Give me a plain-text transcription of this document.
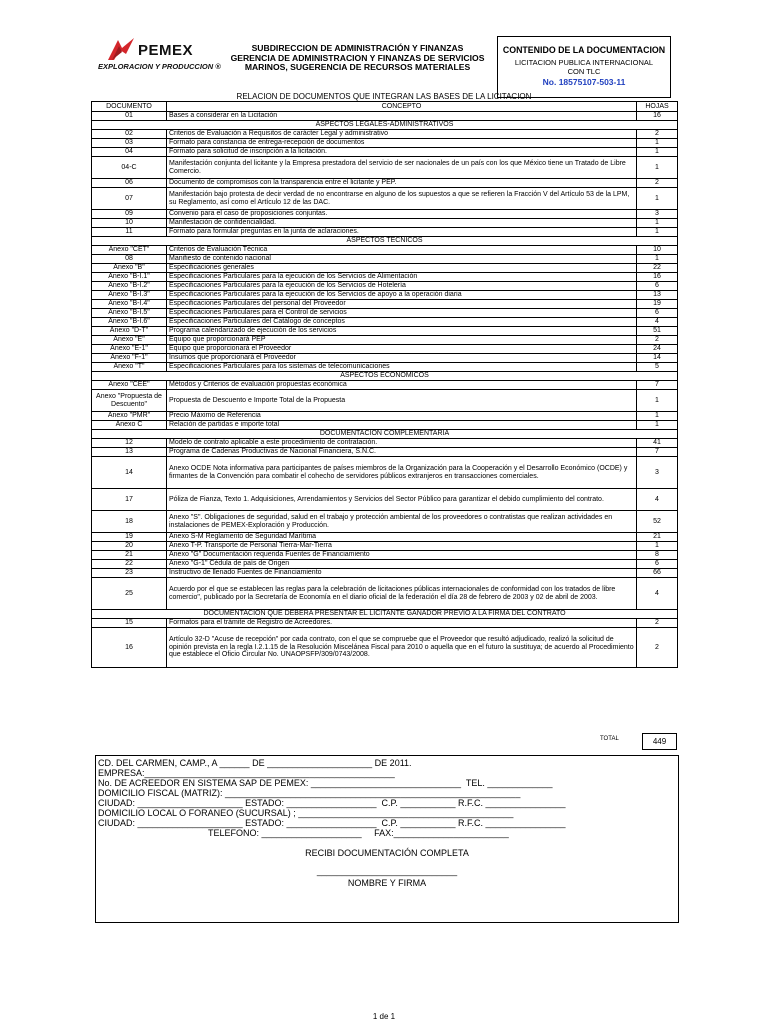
PEMEX
EXPLORACION Y PRODUCCION ®
SUBDIRECCION DE ADMINISTRACIÓN Y FINANZAS
GERENCIA DE ADMINISTRACION Y FINANZAS DE SERVICIOS
MARINOS, SUGERENCIA DE RECURSOS MATERIALES
CONTENIDO DE LA DOCUMENTACION
LICITACION PUBLICA INTERNACIONAL
CON TLC
No. 18575107-503-11
RELACION DE DOCUMENTOS QUE INTEGRAN LAS BASES DE LA LICITACION
DOCUMENTO	CONCEPTO	HOJAS
01	Bases a considerar en la Licitación	16
ASPECTOS LEGALES-ADMINISTRATIVOS		
02	Criterios de Evaluación a Requisitos de carácter Legal y administrativo	2
03	Formato para constancia de entrega-recepción de documentos	1
04	Formato para solicitud de inscripción a la licitación.	1
04-C	Manifestación conjunta del licitante y la Empresa prestadora del servicio de ser nacionales de un país con los que México tiene un Tratado de Libre Comercio.	1
06	Documento de compromisos con la transparencia entre el licitante y PEP.	2
07	Manifestación bajo protesta de decir verdad de no encontrarse en alguno de los supuestos a que se refieren la Fracción V del Artículo 53 de la LPM, su Reglamento, así como el Artículo 12 de las DAC.	1
09	Convenio para el caso de proposiciones conjuntas.	3
10	Manifestación de confidencialidad.	1
11	Formato para formular preguntas en la junta de aclaraciones.	1
ASPECTOS TECNICOS		
Anexo "CET"	Criterios de Evaluación Técnica	10
08	Manifiesto de contenido nacional	1
Anexo "B"	Especificaciones generales	22
Anexo "B-I.1"	Especificaciones Particulares para la ejecución de los Servicios de Alimentación	16
Anexo "B-I.2"	Especificaciones Particulares para la ejecución de los Servicios de Hotelería	6
Anexo "B-I.3"	Especificaciones Particulares para la ejecución de los Servicios de apoyo a la operación diaria	13
Anexo "B-I.4"	Especificaciones Particulares del personal del Proveedor	19
Anexo "B-I.5"	Especificaciones Particulares para el Control de servicios	6
Anexo "B-I.6"	Especificaciones Particulares del Catálogo de conceptos	4
Anexo "D-T"	Programa calendarizado de ejecución de los servicios	51
Anexo "E"	Equipo que proporcionará PEP	2
Anexo "E-1"	Equipo que proporcionará el Proveedor	24
Anexo "F-1"	Insumos que proporcionará el Proveedor	14
Anexo "T"	Especificaciones Particulares para los sistemas de telecomunicaciones	5
ASPECTOS ECONOMICOS		
Anexo "CEE"	Métodos y Criterios de evaluación propuestas económica	7
Anexo "Propuesta de Descuento"	Propuesta de Descuento e Importe Total de la Propuesta	1
Anexo "PMR"	Precio Máximo de Referencia	1
Anexo C	Relación de partidas e importe total	1
DOCUMENTACION COMPLEMENTARIA		
12	Modelo de contrato aplicable a este procedimiento de contratación.	41
13	Programa de Cadenas Productivas de Nacional Financiera, S.N.C.	7
14	Anexo OCDE Nota informativa para participantes de países miembros de la Organización para la Cooperación y el Desarrollo Económico (OCDE) y firmantes de la Convención para combatir el cohecho de servidores públicos extranjeros en transacciones comerciales.	3
17	Póliza de Fianza, Texto 1. Adquisiciones, Arrendamientos y Servicios del Sector Público para garantizar el debido cumplimiento del contrato.	4
18	Anexo "S". Obligaciones de seguridad, salud en el trabajo y protección ambiental de los proveedores o contratistas que realizan actividades en instalaciones de PEMEX-Exploración y Producción.	52
19	Anexo S-M Reglamento de Seguridad Marítima	21
20	Anexo T-P. Transporte de Personal Tierra-Mar-Tierra	1
21	Anexo "G" Documentación requerida Fuentes de Financiamiento	8
22	Anexo "G-1" Cédula de país de Origen	6
23	Instructivo de llenado Fuentes de Financiamiento	66
25	Acuerdo por el que se establecen las reglas para la celebración de licitaciones públicas internacionales de conformidad con los tratados de libre comercio", publicado por la Secretaría de Economía en el diario oficial de la federación el día 28 de febrero de 2003 y 02 de abril de 2003.	4
DOCUMENTACION QUE DEBERA PRESENTAR EL LICITANTE GANADOR PREVIO A LA FIRMA DEL CONTRATO		
15	Formatos para el trámite de Registro de Acreedores.	2
16	Artículo 32-D "Acuse de recepción" por cada contrato, con el que se compruebe que el Proveedor que resultó adjudicado, realizó la solicitud de opinión prevista en la regla I.2.1.15 de la Resolución Miscelánea Fiscal para 2010 o aquella que en el futuro la sustituya; de acuerdo al Procedimiento que establece el Oficio Circular No. UNAOPSFP/309/0743/2008.	2
TOTAL	449
CD. DEL CARMEN, CAMP., A ______ DE _____________________ DE 2011.
EMPRESA:__________________________________________________
No. DE ACREEDOR EN SISTEMA SAP DE PEMEX: ______________________________  TEL. _____________
DOMICILIO FISCAL (MATRIZ): ___________________________________________________________
CIUDAD: _____________________ ESTADO: __________________  C.P. ___________ R.F.C. ________________
DOMICILIO LOCAL O FORANEO (SUCURSAL) ; ___________________________________________
CIUDAD: _____________________ ESTADO: __________________  C.P. ___________ R.F.C. ________________
TELEFONO: ____________________     FAX:_______________________
RECIBI DOCUMENTACIÓN COMPLETA
____________________________
NOMBRE Y FIRMA
1 de 1
